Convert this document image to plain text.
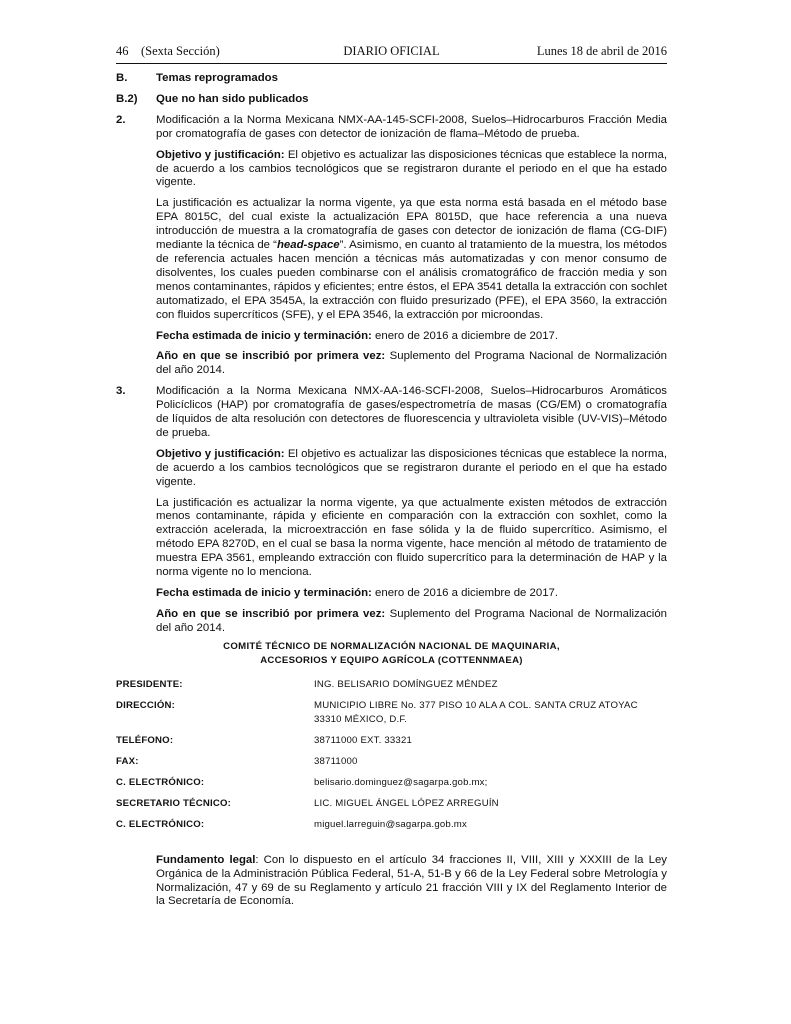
46 (Sexta Sección)	DIARIO OFICIAL	Lunes 18 de abril de 2016
B.	Temas reprogramados
B.2)	Que no han sido publicados
2.	Modificación a la Norma Mexicana NMX-AA-145-SCFI-2008, Suelos–Hidrocarburos Fracción Media por cromatografía de gases con detector de ionización de flama–Método de prueba.

Objetivo y justificación: El objetivo es actualizar las disposiciones técnicas que establece la norma, de acuerdo a los cambios tecnológicos que se registraron durante el periodo en el que ha estado vigente.

La justificación es actualizar la norma vigente, ya que esta norma está basada en el método base EPA 8015C, del cual existe la actualización EPA 8015D, que hace referencia a una nueva introducción de muestra a la cromatografía de gases con detector de ionización de flama (CG-DIF) mediante la técnica de “head-space”. Asimismo, en cuanto al tratamiento de la muestra, los métodos de referencia actuales hacen mención a técnicas más automatizadas y con menor consumo de disolventes, los cuales pueden combinarse con el análisis cromatográfico de fracción media y son menos contaminantes, rápidos y eficientes; entre éstos, el EPA 3541 detalla la extracción con sochlet automatizado, el EPA 3545A, la extracción con fluido presurizado (PFE), el EPA 3560, la extracción con fluidos supercríticos (SFE), y el EPA 3546, la extracción por microondas.

Fecha estimada de inicio y terminación: enero de 2016 a diciembre de 2017.

Año en que se inscribió por primera vez: Suplemento del Programa Nacional de Normalización del año 2014.

3.	Modificación a la Norma Mexicana NMX-AA-146-SCFI-2008, Suelos–Hidrocarburos Aromáticos Policíclicos (HAP) por cromatografía de gases/espectrometría de masas (CG/EM) o cromatografía de líquidos de alta resolución con detectores de fluorescencia y ultravioleta visible (UV-VIS)–Método de prueba.

Objetivo y justificación: El objetivo es actualizar las disposiciones técnicas que establece la norma, de acuerdo a los cambios tecnológicos que se registraron durante el periodo en el que ha estado vigente.

La justificación es actualizar la norma vigente, ya que actualmente existen métodos de extracción menos contaminante, rápida y eficiente en comparación con la extracción con soxhlet, como la extracción acelerada, la microextracción en fase sólida y la de fluido supercrítico. Asimismo, el método EPA 8270D, en el cual se basa la norma vigente, hace mención al método de tratamiento de muestra EPA 3561, empleando extracción con fluido supercrítico para la determinación de HAP y la norma vigente no lo menciona.

Fecha estimada de inicio y terminación: enero de 2016 a diciembre de 2017.

Año en que se inscribió por primera vez: Suplemento del Programa Nacional de Normalización del año 2014.

COMITÉ TÉCNICO DE NORMALIZACIÓN NACIONAL DE MAQUINARIA,
ACCESORIOS Y EQUIPO AGRÍCOLA (COTTENNMAEA)
PRESIDENTE:	ING. BELISARIO DOMÍNGUEZ MÉNDEZ
DIRECCIÓN:	MUNICIPIO LIBRE No. 377 PISO 10 ALA A COL. SANTA CRUZ ATOYAC
33310 MÉXICO, D.F.
TELÉFONO:	38711000 EXT. 33321
FAX:	38711000
C. ELECTRÓNICO:	belisario.dominguez@sagarpa.gob.mx;
SECRETARIO TÉCNICO:	LIC. MIGUEL ÁNGEL LÓPEZ ARREGUÍN
C. ELECTRÓNICO:	miguel.larreguin@sagarpa.gob.mx

Fundamento legal: Con lo dispuesto en el artículo 34 fracciones II, VIII, XIII y XXXIII de la Ley Orgánica de la Administración Pública Federal, 51-A, 51-B y 66 de la Ley Federal sobre Metrología y Normalización, 47 y 69 de su Reglamento y artículo 21 fracción VIII y IX del Reglamento Interior de la Secretaría de Economía.
